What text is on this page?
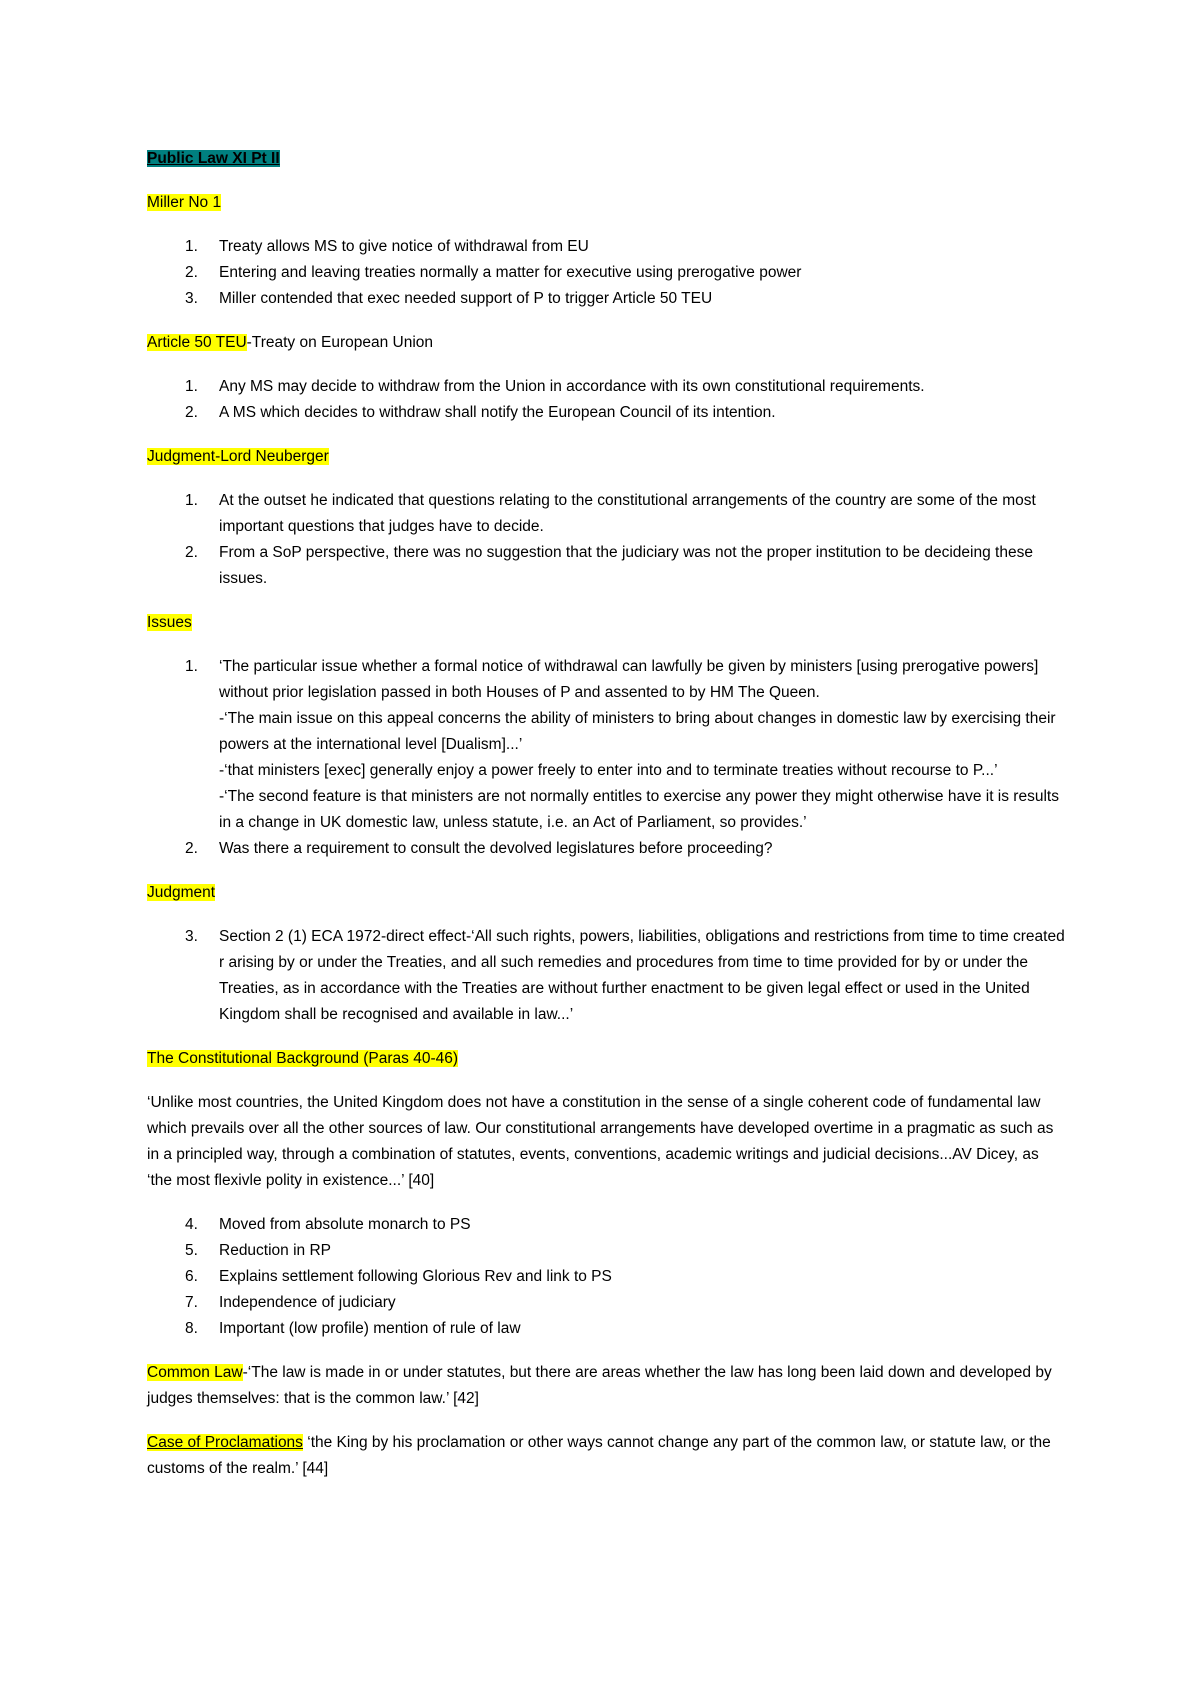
Public Law XI Pt II
Miller No 1
1. Treaty allows MS to give notice of withdrawal from EU
2. Entering and leaving treaties normally a matter for executive using prerogative power
3. Miller contended that exec needed support of P to trigger Article 50 TEU
Article 50 TEU-Treaty on European Union
1. Any MS may decide to withdraw from the Union in accordance with its own constitutional requirements.
2. A MS which decides to withdraw shall notify the European Council of its intention.
Judgment-Lord Neuberger
1. At the outset he indicated that questions relating to the constitutional arrangements of the country are some of the most important questions that judges have to decide.
2. From a SoP perspective, there was no suggestion that the judiciary was not the proper institution to be decideing these issues.
Issues
1. ‘The particular issue whether a formal notice of withdrawal can lawfully be given by ministers [using prerogative powers] without prior legislation passed in both Houses of P and assented to by HM The Queen.
-‘The main issue on this appeal concerns the ability of ministers to bring about changes in domestic law by exercising their powers at the international level [Dualism]...’
-‘that ministers [exec] generally enjoy a power freely to enter into and to terminate treaties without recourse to P...’
-‘The second feature is that ministers are not normally entitles to exercise any power they might otherwise have it is results in a change in UK domestic law, unless statute, i.e. an Act of Parliament, so provides.’
2. Was there a requirement to consult the devolved legislatures before proceeding?
Judgment
3. Section 2 (1) ECA 1972-direct effect-‘All such rights, powers, liabilities, obligations and restrictions from time to time created r arising by or under the Treaties, and all such remedies and procedures from time to time provided for by or under the Treaties, as in accordance with the Treaties are without further enactment to be given legal effect or used in the United Kingdom shall be recognised and available in law...’
The Constitutional Background (Paras 40-46)
‘Unlike most countries, the United Kingdom does not have a constitution in the sense of a single coherent code of fundamental law which prevails over all the other sources of law. Our constitutional arrangements have developed overtime in a pragmatic as such as in a principled way, through a combination of statutes, events, conventions, academic writings and judicial decisions...AV Dicey, as ‘the most flexivle polity in existence...’ [40]
4. Moved from absolute monarch to PS
5. Reduction in RP
6. Explains settlement following Glorious Rev and link to PS
7. Independence of judiciary
8. Important (low profile) mention of rule of law
Common Law-‘The law is made in or under statutes, but there are areas whether the law has long been laid down and developed by judges themselves: that is the common law.’ [42]
Case of Proclamations ‘the King by his proclamation or other ways cannot change any part of the common law, or statute law, or the customs of the realm.’ [44]
